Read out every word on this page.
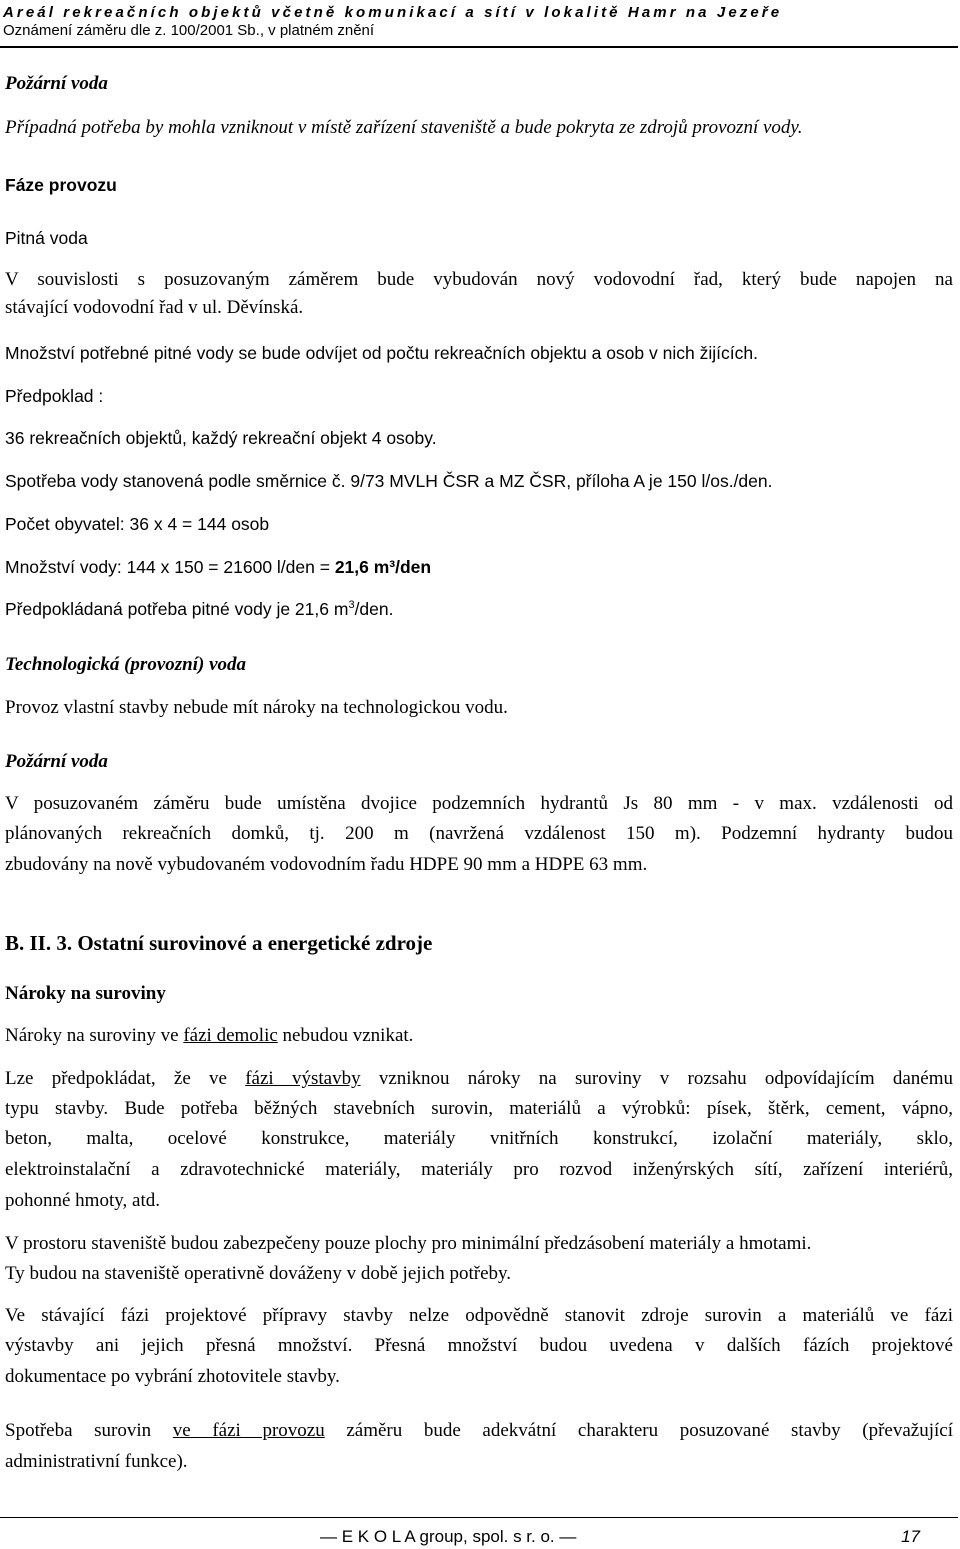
Areál rekreačních objektů včetně komunikací a sítí v lokalitě Hamr na Jezeře
Oznámení záměru dle z. 100/2001 Sb., v platném znění
Požární voda
Případná potřeba by mohla vzniknout v místě zařízení staveniště a bude pokryta ze zdrojů provozní vody.
Fáze provozu
Pitná voda
V souvislosti s posuzovaným záměrem bude vybudován nový vodovodní řad, který bude napojen na
stávající vodovodní řad v ul. Děvínská.
Množství potřebné pitné vody se bude odvíjet od počtu rekreačních objektu a osob v nich žijících.
Předpoklad :
36 rekreačních objektů, každý rekreační objekt 4 osoby.
Spotřeba vody stanovená podle směrnice č. 9/73 MVLH ČSR a MZ ČSR, příloha A je 150 l/os./den.
Počet obyvatel: 36 x 4 = 144 osob
Množství vody: 144 x 150 = 21600 l/den = 21,6 m³/den
Předpokládaná potřeba pitné vody je 21,6 $m^3$/den.
Technologická (provozní) voda
Provoz vlastní stavby nebude mít nároky na technologickou vodu.
Požární voda
V posuzovaném záměru bude umístěna dvojice podzemních hydrantů Js 80 mm - v max. vzdálenosti od
plánovaných rekreačních domků, tj. 200 m (navržená vzdálenost 150 m). Podzemní hydranty budou
zbudovány na nově vybudovaném vodovodním řadu HDPE 90 mm a HDPE 63 mm.
B. II. 3. Ostatní surovinové a energetické zdroje
Nároky na suroviny
Nároky na suroviny ve fázi demolic nebudou vznikat.
Lze předpokládat, že ve fázi výstavby vzniknou nároky na suroviny v rozsahu odpovídajícím danému
typu stavby. Bude potřeba běžných stavebních surovin, materiálů a výrobků: písek, štěrk, cement, vápno,
beton, malta, ocelové konstrukce, materiály vnitřních konstrukcí, izolační materiály, sklo,
elektroinstalační a zdravotechnické materiály, materiály pro rozvod inženýrských sítí, zařízení interiérů,
pohonné hmoty, atd.
V prostoru staveniště budou zabezpečeny pouze plochy pro minimální předzásobení materiály a hmotami.
Ty budou na staveniště operativně dováženy v době jejich potřeby.
Ve stávající fázi projektové přípravy stavby nelze odpovědně stanovit zdroje surovin a materiálů ve fázi
výstavby ani jejich přesná množství. Přesná množství budou uvedena v dalších fázích projektové
dokumentace po vybrání zhotovitele stavby.
Spotřeba surovin ve fázi provozu záměru bude adekvátní charakteru posuzované stavby (převažující
administrativní funkce).
— E K O L A group, spol. s r. o. —	17
